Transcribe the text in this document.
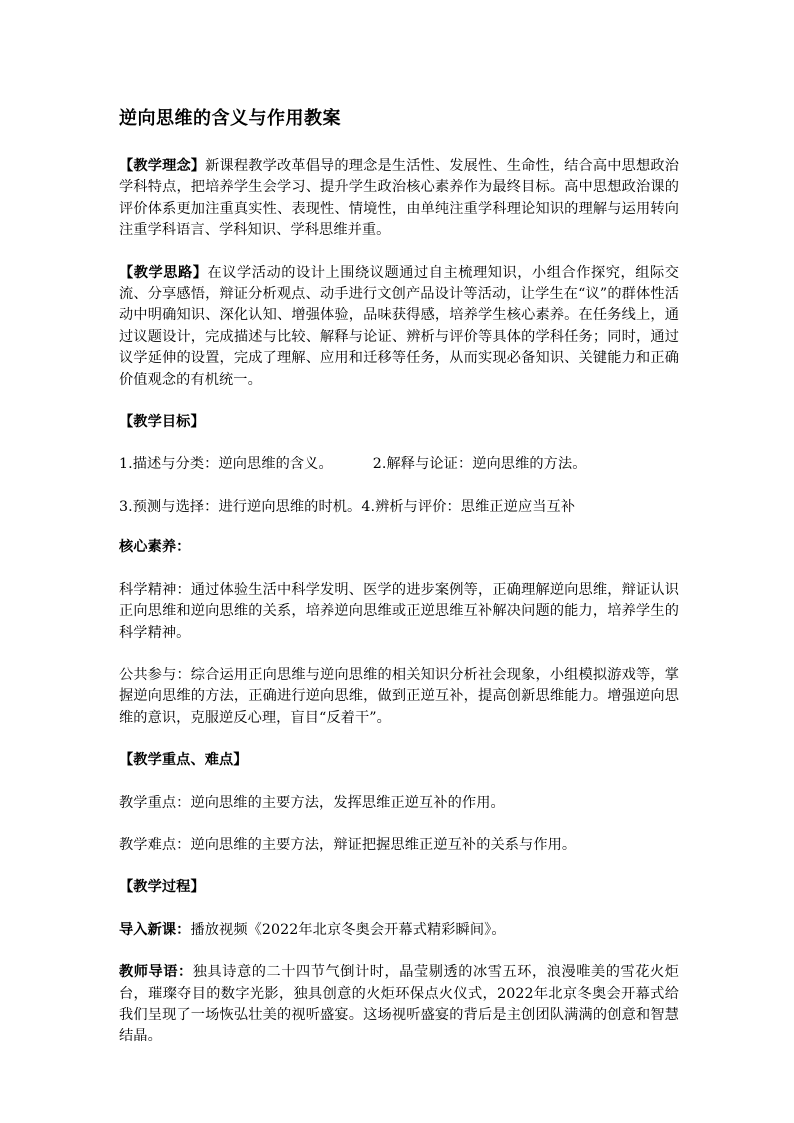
逆向思维的含义与作用教案

【教学理念】新课程教学改革倡导的理念是生活性、发展性、生命性，结合高中思想政治学科特点，把培养学生会学习、提升学生政治核心素养作为最终目标。高中思想政治课的评价体系更加注重真实性、表现性、情境性，由单纯注重学科理论知识的理解与运用转向注重学科语言、学科知识、学科思维并重。

【教学思路】在议学活动的设计上围绕议题通过自主梳理知识，小组合作探究，组际交流、分享感悟，辩证分析观点、动手进行文创产品设计等活动，让学生在“议”的群体性活动中明确知识、深化认知、增强体验，品味获得感，培养学生核心素养。在任务线上，通过议题设计，完成描述与比较、解释与论证、辨析与评价等具体的学科任务；同时，通过议学延伸的设置，完成了理解、应用和迁移等任务，从而实现必备知识、关键能力和正确价值观念的有机统一。

【教学目标】

1.描述与分类：逆向思维的含义。	2.解释与论证：逆向思维的方法。

3.预测与选择：进行逆向思维的时机。4.辨析与评价：思维正逆应当互补

核心素养：

科学精神：通过体验生活中科学发明、医学的进步案例等，正确理解逆向思维，辩证认识正向思维和逆向思维的关系，培养逆向思维或正逆思维互补解决问题的能力，培养学生的科学精神。

公共参与：综合运用正向思维与逆向思维的相关知识分析社会现象，小组模拟游戏等，掌握逆向思维的方法，正确进行逆向思维，做到正逆互补，提高创新思维能力。增强逆向思维的意识，克服逆反心理，盲目“反着干”。

【教学重点、难点】

教学重点：逆向思维的主要方法，发挥思维正逆互补的作用。

教学难点：逆向思维的主要方法，辩证把握思维正逆互补的关系与作用。

【教学过程】

导入新课：播放视频《2022年北京冬奥会开幕式精彩瞬间》。

教师导语：独具诗意的二十四节气倒计时，晶莹剔透的冰雪五环，浪漫唯美的雪花火炬台，璀璨夺目的数字光影，独具创意的火炬环保点火仪式，2022年北京冬奥会开幕式给我们呈现了一场恢弘壮美的视听盛宴。这场视听盛宴的背后是主创团队满满的创意和智慧结晶。
